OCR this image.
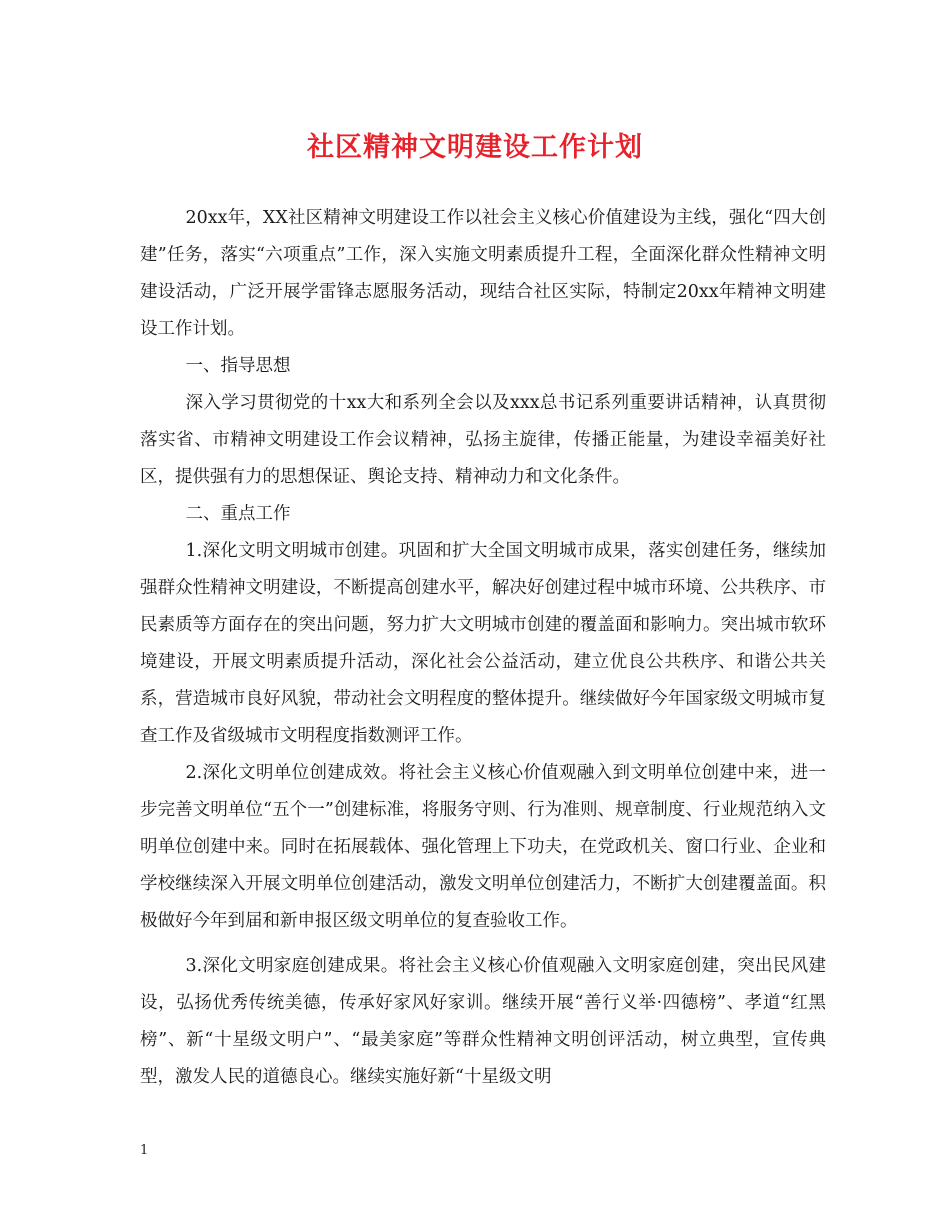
社区精神文明建设工作计划

20xx年，XX社区精神文明建设工作以社会主义核心价值建设为主线，强化“四大创建”任务，落实“六项重点”工作，深入实施文明素质提升工程，全面深化群众性精神文明建设活动，广泛开展学雷锋志愿服务活动，现结合社区实际，特制定20xx年精神文明建设工作计划。

一、指导思想

深入学习贯彻党的十xx大和系列全会以及xxx总书记系列重要讲话精神，认真贯彻落实省、市精神文明建设工作会议精神，弘扬主旋律，传播正能量，为建设幸福美好社区，提供强有力的思想保证、舆论支持、精神动力和文化条件。

二、重点工作

1.深化文明文明城市创建。巩固和扩大全国文明城市成果，落实创建任务，继续加强群众性精神文明建设，不断提高创建水平，解决好创建过程中城市环境、公共秩序、市民素质等方面存在的突出问题，努力扩大文明城市创建的覆盖面和影响力。突出城市软环境建设，开展文明素质提升活动，深化社会公益活动，建立优良公共秩序、和谐公共关系，营造城市良好风貌，带动社会文明程度的整体提升。继续做好今年国家级文明城市复查工作及省级城市文明程度指数测评工作。

2.深化文明单位创建成效。将社会主义核心价值观融入到文明单位创建中来，进一步完善文明单位“五个一”创建标准，将服务守则、行为准则、规章制度、行业规范纳入文明单位创建中来。同时在拓展载体、强化管理上下功夫，在党政机关、窗口行业、企业和学校继续深入开展文明单位创建活动，激发文明单位创建活力，不断扩大创建覆盖面。积极做好今年到届和新申报区级文明单位的复查验收工作。

3.深化文明家庭创建成果。将社会主义核心价值观融入文明家庭创建，突出民风建设，弘扬优秀传统美德，传承好家风好家训。继续开展“善行义举·四德榜”、孝道“红黑榜”、新“十星级文明户”、“最美家庭”等群众性精神文明创评活动，树立典型，宣传典型，激发人民的道德良心。继续实施好新“十星级文明

1
